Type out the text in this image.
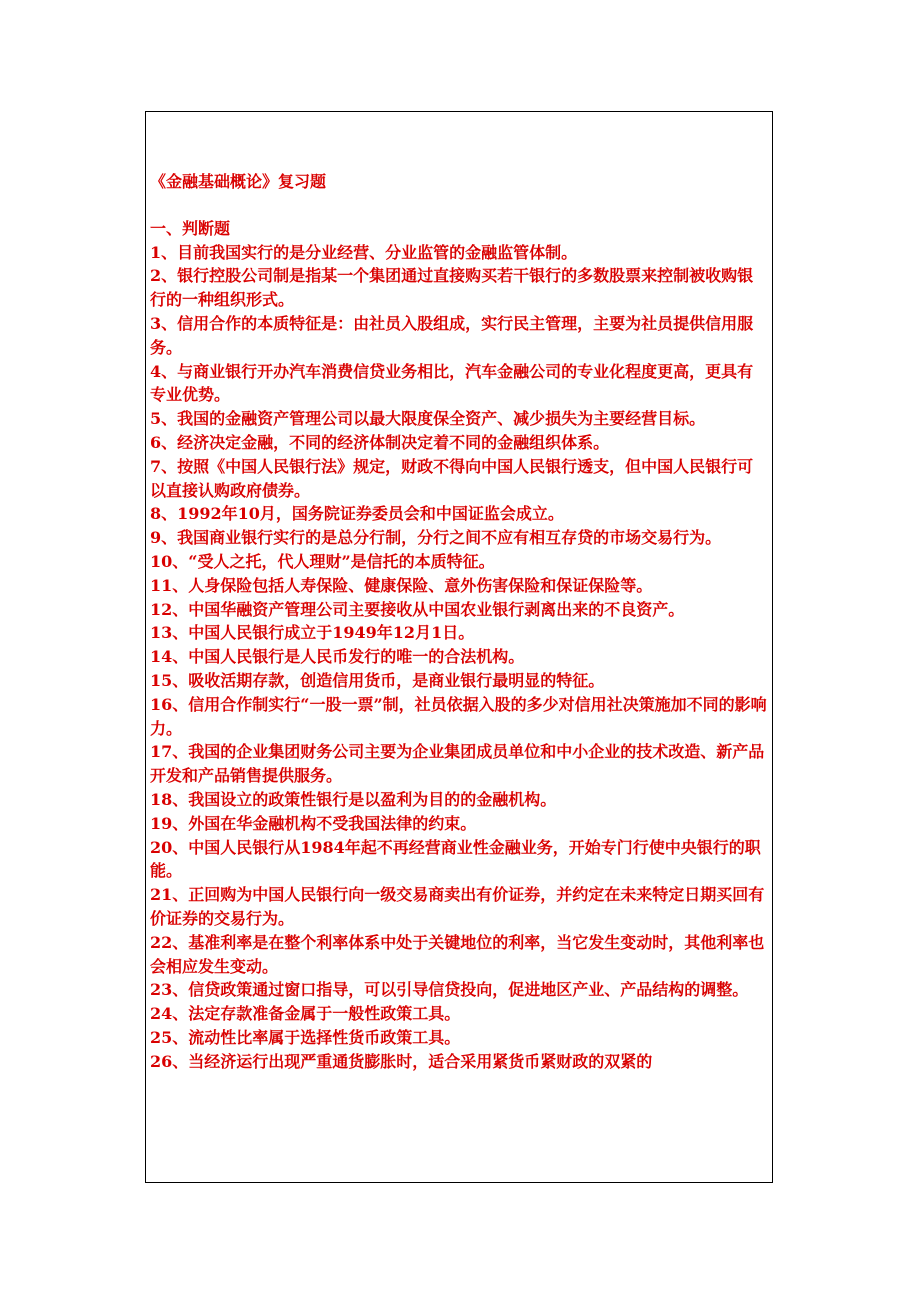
《金融基础概论》复习题

一、判断题

1、目前我国实行的是分业经营、分业监管的金融监管体制。
2、银行控股公司制是指某一个集团通过直接购买若干银行的多数股票来控制被收购银行的一种组织形式。
3、信用合作的本质特征是：由社员入股组成，实行民主管理，主要为社员提供信用服务。
4、与商业银行开办汽车消费信贷业务相比，汽车金融公司的专业化程度更高，更具有专业优势。
5、我国的金融资产管理公司以最大限度保全资产、减少损失为主要经营目标。
6、经济决定金融，不同的经济体制决定着不同的金融组织体系。
7、按照《中国人民银行法》规定，财政不得向中国人民银行透支，但中国人民银行可以直接认购政府债券。
8、1992年10月，国务院证券委员会和中国证监会成立。
9、我国商业银行实行的是总分行制，分行之间不应有相互存贷的市场交易行为。
10、“受人之托，代人理财”是信托的本质特征。
11、人身保险包括人寿保险、健康保险、意外伤害保险和保证保险等。
12、中国华融资产管理公司主要接收从中国农业银行剥离出来的不良资产。
13、中国人民银行成立于1949年12月1日。
14、中国人民银行是人民币发行的唯一的合法机构。
15、吸收活期存款，创造信用货币，是商业银行最明显的特征。
16、信用合作制实行“一股一票”制，社员依据入股的多少对信用社决策施加不同的影响力。
17、我国的企业集团财务公司主要为企业集团成员单位和中小企业的技术改造、新产品开发和产品销售提供服务。
18、我国设立的政策性银行是以盈利为目的的金融机构。
19、外国在华金融机构不受我国法律的约束。
20、中国人民银行从1984年起不再经营商业性金融业务，开始专门行使中央银行的职能。
21、正回购为中国人民银行向一级交易商卖出有价证券，并约定在未来特定日期买回有价证券的交易行为。
22、基准利率是在整个利率体系中处于关键地位的利率，当它发生变动时，其他利率也会相应发生变动。
23、信贷政策通过窗口指导，可以引导信贷投向，促进地区产业、产品结构的调整。
24、法定存款准备金属于一般性政策工具。
25、流动性比率属于选择性货币政策工具。
26、当经济运行出现严重通货膨胀时，适合采用紧货币紧财政的双紧的
